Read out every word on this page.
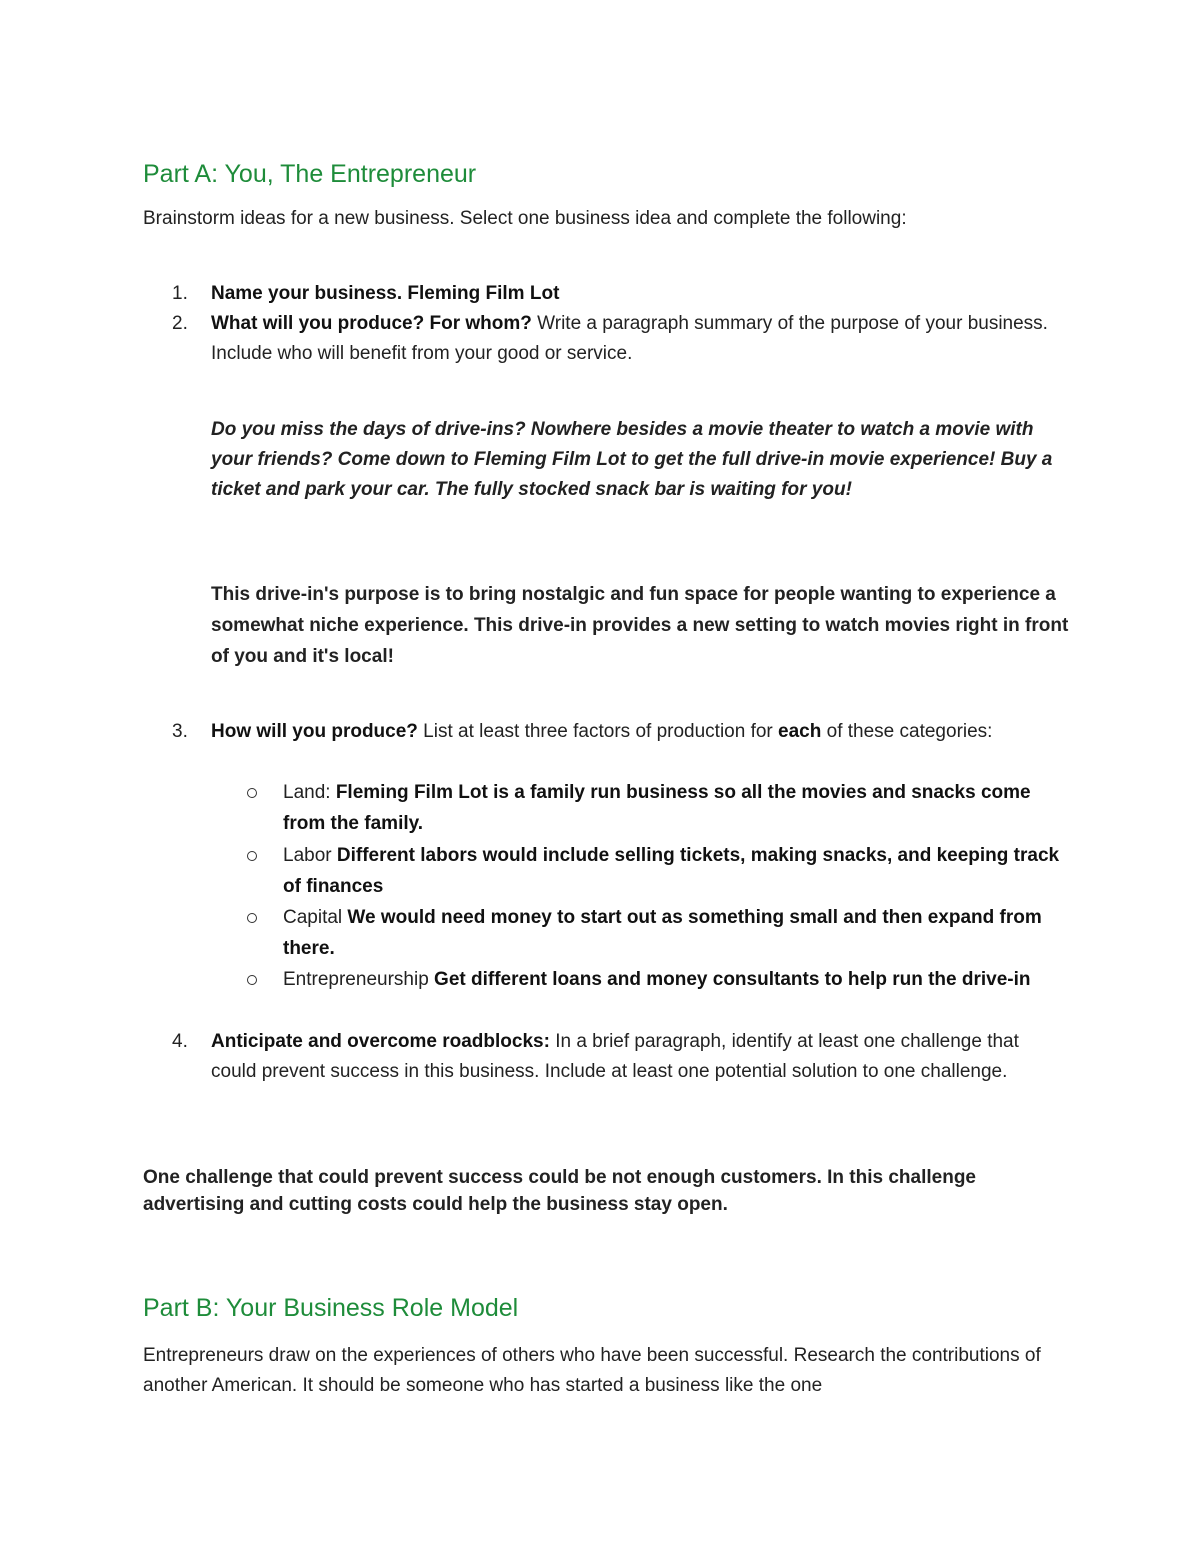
Part A: You, The Entrepreneur

Brainstorm ideas for a new business. Select one business idea and complete the following:

1.	Name your business. Fleming Film Lot

2.	What will you produce? For whom? Write a paragraph summary of the purpose of your business. Include who will benefit from your good or service.

Do you miss the days of drive-ins? Nowhere besides a movie theater to watch a movie with your friends? Come down to Fleming Film Lot to get the full drive-in movie experience! Buy a ticket and park your car. The fully stocked snack bar is waiting for you!

This drive-in's purpose is to bring nostalgic and fun space for people wanting to experience a somewhat niche experience. This drive-in provides a new setting to watch movies right in front of you and it's local!

3.	How will you produce? List at least three factors of production for each of these categories:

Land: Fleming Film Lot is a family run business so all the movies and snacks come from the family.

Labor Different labors would include selling tickets, making snacks, and keeping track of finances

Capital We would need money to start out as something small and then expand from there.

Entrepreneurship Get different loans and money consultants to help run the drive-in

4.	Anticipate and overcome roadblocks: In a brief paragraph, identify at least one challenge that could prevent success in this business. Include at least one potential solution to one challenge.

One challenge that could prevent success could be not enough customers. In this challenge advertising and cutting costs could help the business stay open.

Part B: Your Business Role Model

Entrepreneurs draw on the experiences of others who have been successful. Research the contributions of another American. It should be someone who has started a business like the one
